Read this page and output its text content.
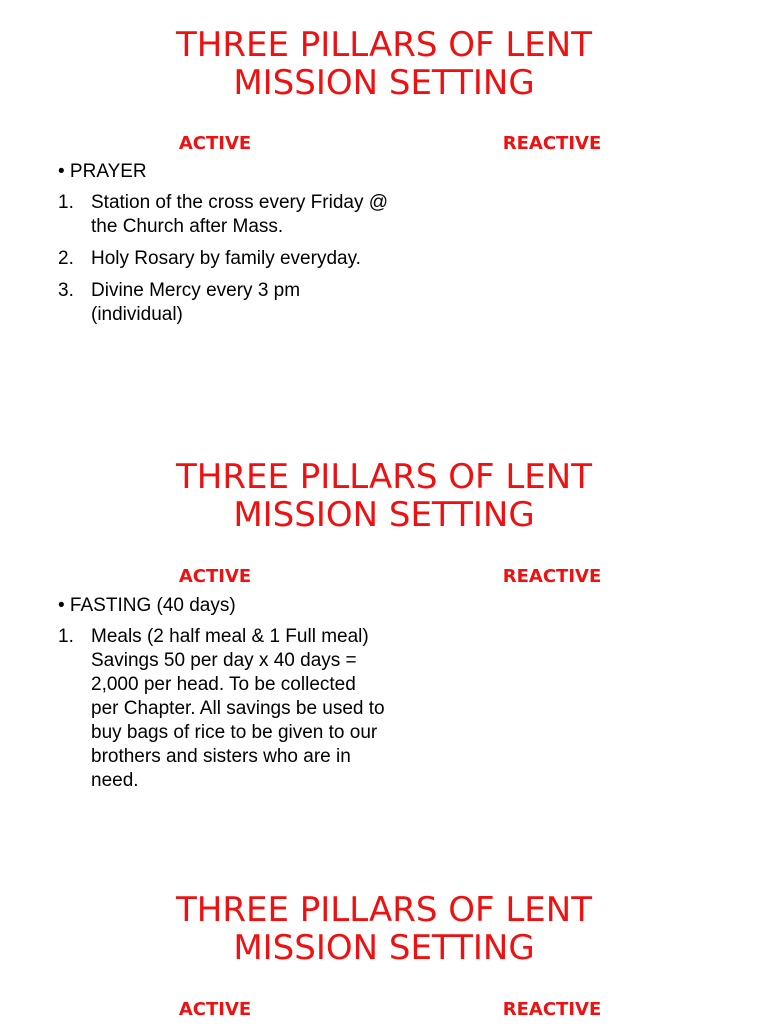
THREE PILLARS OF LENT
MISSION SETTING
ACTIVE	REACTIVE

• PRAYER

1. Station of the cross every Friday @ the Church after Mass.
2. Holy Rosary by family everyday.
3. Divine Mercy every 3 pm (individual)
THREE PILLARS OF LENT
MISSION SETTING
ACTIVE	REACTIVE

• FASTING (40 days)

1. Meals (2 half meal & 1 Full meal) Savings 50 per day x 40 days = 2,000 per head. To be collected per Chapter. All savings be used to buy bags of rice to be given to our brothers and sisters who are in need.
THREE PILLARS OF LENT
MISSION SETTING
ACTIVE	REACTIVE
